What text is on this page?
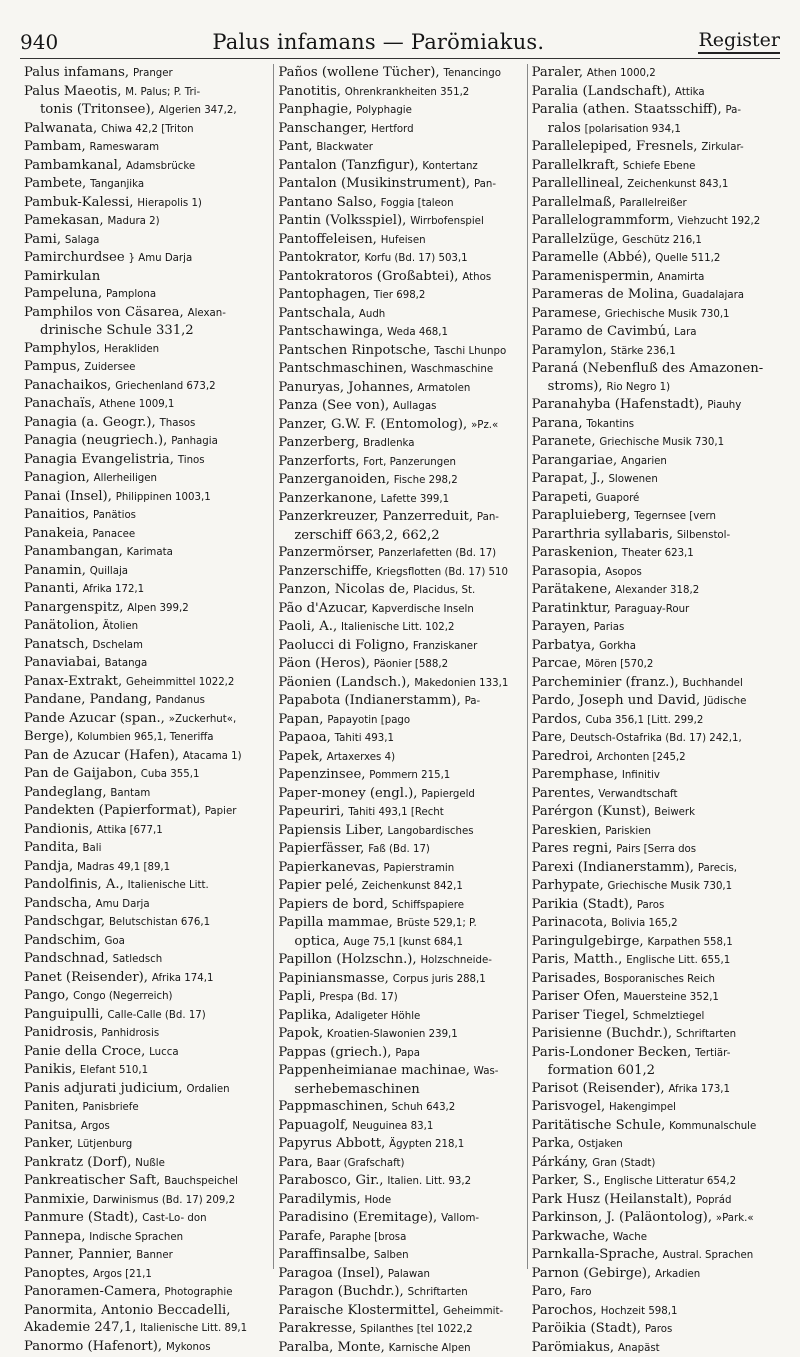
940	Palus infamans — Parömiakus.	Register
Palus infamans, Pranger
Palus Maeotis, M. Palus; P. Tri-
tonis (Tritonsee), Algerien 347,2,
Palwanata, Chiwa 42,2 [Triton
Pambam, Rameswaram
Pambamkanal, Adamsbrücke
Pambete, Tanganjika
Pambuk-Kalessi, Hierapolis 1)
Pamekasan, Madura 2)
Pami, Salaga
Pamirchurdsee } Amu Darja
Pamirkulan
Pampeluna, Pamplona
Pamphilos von Cäsarea, Alexan-
drinische Schule 331,2
Pamphylos, Herakliden
Pampus, Zuidersee
Panachaikos, Griechenland 673,2
Panachaïs, Athene 1009,1
Panagia (a. Geogr.), Thasos
Panagia (neugriech.), Panhagia
Panagia Evangelistria, Tinos
Panagion, Allerheiligen
Panai (Insel), Philippinen 1003,1
Panaitios, Panätios
Panakeia, Panacee
Panambangan, Karimata
Panamin, Quillaja
Pananti, Afrika 172,1
Panargenspitz, Alpen 399,2
Panätolion, Ätolien
Panatsch, Dschelam
Panaviabai, Batanga
Panax-Extrakt, Geheimmittel 1022,2
Pandane, Pandang, Pandanus
Pande Azucar (span., »Zuckerhut«,
Berge), Kolumbien 965,1, Teneriffa
Pan de Azucar (Hafen), Atacama 1)
Pan de Gaijabon, Cuba 355,1
Pandeglang, Bantam
Pandekten (Papierformat), Papier
Pandionis, Attika [677,1
Pandita, Bali
Pandja, Madras 49,1 [89,1
Pandolfinis, A., Italienische Litt.
Pandscha, Amu Darja
Pandschgar, Belutschistan 676,1
Pandschim, Goa
Pandschnad, Satledsch
Panet (Reisender), Afrika 174,1
Pango, Congo (Negerreich)
Panguipulli, Calle-Calle (Bd. 17)
Panidrosis, Panhidrosis
Panie della Croce, Lucca
Panikis, Elefant 510,1
Panis adjurati judicium, Ordalien
Paniten, Panisbriefe
Panitsa, Argos
Panker, Lütjenburg
Pankratz (Dorf), Nußle
Pankreatischer Saft, Bauchspeichel
Panmixie, Darwinismus (Bd. 17) 209,2
Panmure (Stadt), Cast-Lo- don
Pannepa, Indische Sprachen
Panner, Pannier, Banner
Panoptes, Argos [21,1
Panoramen-Camera, Photographie
Panormita, Antonio Beccadelli,
Akademie 247,1, Italienische Litt. 89,1
Panormo (Hafenort), Mykonos
Paños (wollene Tücher), Tenancingo
Panotitis, Ohrenkrankheiten 351,2
Panphagie, Polyphagie
Panschanger, Hertford
Pant, Blackwater
Pantalon (Tanzfigur), Kontertanz
Pantalon (Musikinstrument), Pan-
Pantano Salso, Foggia [taleon
Pantin (Volksspiel), Wirrbofenspiel
Pantoffeleisen, Hufeisen
Pantokrator, Korfu (Bd. 17) 503,1
Pantokratoros (Großabtei), Athos
Pantophagen, Tier 698,2
Pantschala, Audh
Pantschawinga, Weda 468,1
Pantschen Rinpotsche, Taschi Lhunpo
Pantschmaschinen, Waschmaschine
Panuryas, Johannes, Armatolen
Panza (See von), Aullagas
Panzer, G.W. F. (Entomolog), »Pz.«
Panzerberg, Bradlenka
Panzerforts, Fort, Panzerungen
Panzerganoiden, Fische 298,2
Panzerkanone, Lafette 399,1
Panzerkreuzer, Panzerreduit, Pan-
zerschiff 663,2, 662,2
Panzermörser, Panzerlafetten (Bd. 17)
Panzerschiffe, Kriegsflotten (Bd. 17) 510
Panzon, Nicolas de, Placidus, St.
Pão d'Azucar, Kapverdische Inseln
Paoli, A., Italienische Litt. 102,2
Paolucci di Foligno, Franziskaner
Päon (Heros), Päonier [588,2
Päonien (Landsch.), Makedonien 133,1
Papabota (Indianerstamm), Pa-
Papan, Papayotin [pago
Papaoa, Tahiti 493,1
Papek, Artaxerxes 4)
Papenzinsee, Pommern 215,1
Paper-money (engl.), Papiergeld
Papeuriri, Tahiti 493,1 [Recht
Papiensis Liber, Langobardisches
Papierfässer, Faß (Bd. 17)
Papierkanevas, Papierstramin
Papier pelé, Zeichenkunst 842,1
Papiers de bord, Schiffspapiere
Papilla mammae, Brüste 529,1; P.
optica, Auge 75,1 [kunst 684,1
Papillon (Holzschn.), Holzschneide-
Papiniansmasse, Corpus juris 288,1
Papli, Prespa (Bd. 17)
Paplika, Adaligeter Höhle
Papok, Kroatien-Slawonien 239,1
Pappas (griech.), Papa
Pappenheimianae machinae, Was-
serhebemaschinen
Pappmaschinen, Schuh 643,2
Papuagolf, Neuguinea 83,1
Papyrus Abbott, Ägypten 218,1
Para, Baar (Grafschaft)
Parabosco, Gir., Italien. Litt. 93,2
Paradilymis, Hode
Paradisino (Eremitage), Vallom-
Parafe, Paraphe [brosa
Paraffinsalbe, Salben
Paragoa (Insel), Palawan
Paragon (Buchdr.), Schriftarten
Paraische Klostermittel, Geheimmit-
Parakresse, Spilanthes [tel 1022,2
Paralba, Monte, Karnische Alpen
Paraler, Athen 1000,2
Paralia (Landschaft), Attika
Paralia (athen. Staatsschiff), Pa-
ralos [polarisation 934,1
Parallelepiped, Fresnels, Zirkular-
Parallelkraft, Schiefe Ebene
Parallellineal, Zeichenkunst 843,1
Parallelmaß, Parallelreißer
Parallelogrammform, Viehzucht 192,2
Parallelzüge, Geschütz 216,1
Paramelle (Abbé), Quelle 511,2
Paramenispermin, Anamirta
Parameras de Molina, Guadalajara
Paramese, Griechische Musik 730,1
Paramo de Cavimbú, Lara
Paramylon, Stärke 236,1
Paraná (Nebenfluß des Amazonen-
stroms), Rio Negro 1)
Paranahyba (Hafenstadt), Piauhy
Parana, Tokantins
Paranete, Griechische Musik 730,1
Parangariae, Angarien
Parapat, J., Slowenen
Parapeti, Guaporé
Parapluieberg, Tegernsee [vern
Pararthria syllabaris, Silbenstol-
Paraskenion, Theater 623,1
Parasopia, Asopos
Parätakene, Alexander 318,2
Paratinktur, Paraguay-Rour
Parayen, Parias
Parbatya, Gorkha
Parcae, Mören [570,2
Parcheminier (franz.), Buchhandel
Pardo, Joseph und David, Jüdische
Pardos, Cuba 356,1 [Litt. 299,2
Pare, Deutsch-Ostafrika (Bd. 17) 242,1,
Paredroi, Archonten [245,2
Paremphase, Infinitiv
Parentes, Verwandtschaft
Parérgon (Kunst), Beiwerk
Pareskien, Pariskien
Pares regni, Pairs [Serra dos
Parexi (Indianerstamm), Parecis,
Parhypate, Griechische Musik 730,1
Parikia (Stadt), Paros
Parinacota, Bolivia 165,2
Paringulgebirge, Karpathen 558,1
Paris, Matth., Englische Litt. 655,1
Parisades, Bosporanisches Reich
Pariser Ofen, Mauersteine 352,1
Pariser Tiegel, Schmelztiegel
Parisienne (Buchdr.), Schriftarten
Paris-Londoner Becken, Tertiär-
formation 601,2
Parisot (Reisender), Afrika 173,1
Parisvogel, Hakengimpel
Paritätische Schule, Kommunalschule
Parka, Ostjaken
Párkány, Gran (Stadt)
Parker, S., Englische Litteratur 654,2
Park Husz (Heilanstalt), Poprád
Parkinson, J. (Paläontolog), »Park.«
Parkwache, Wache
Parnkalla-Sprache, Austral. Sprachen
Parnon (Gebirge), Arkadien
Paro, Faro
Parochos, Hochzeit 598,1
Paröikia (Stadt), Paros
Parömiakus, Anapäst
